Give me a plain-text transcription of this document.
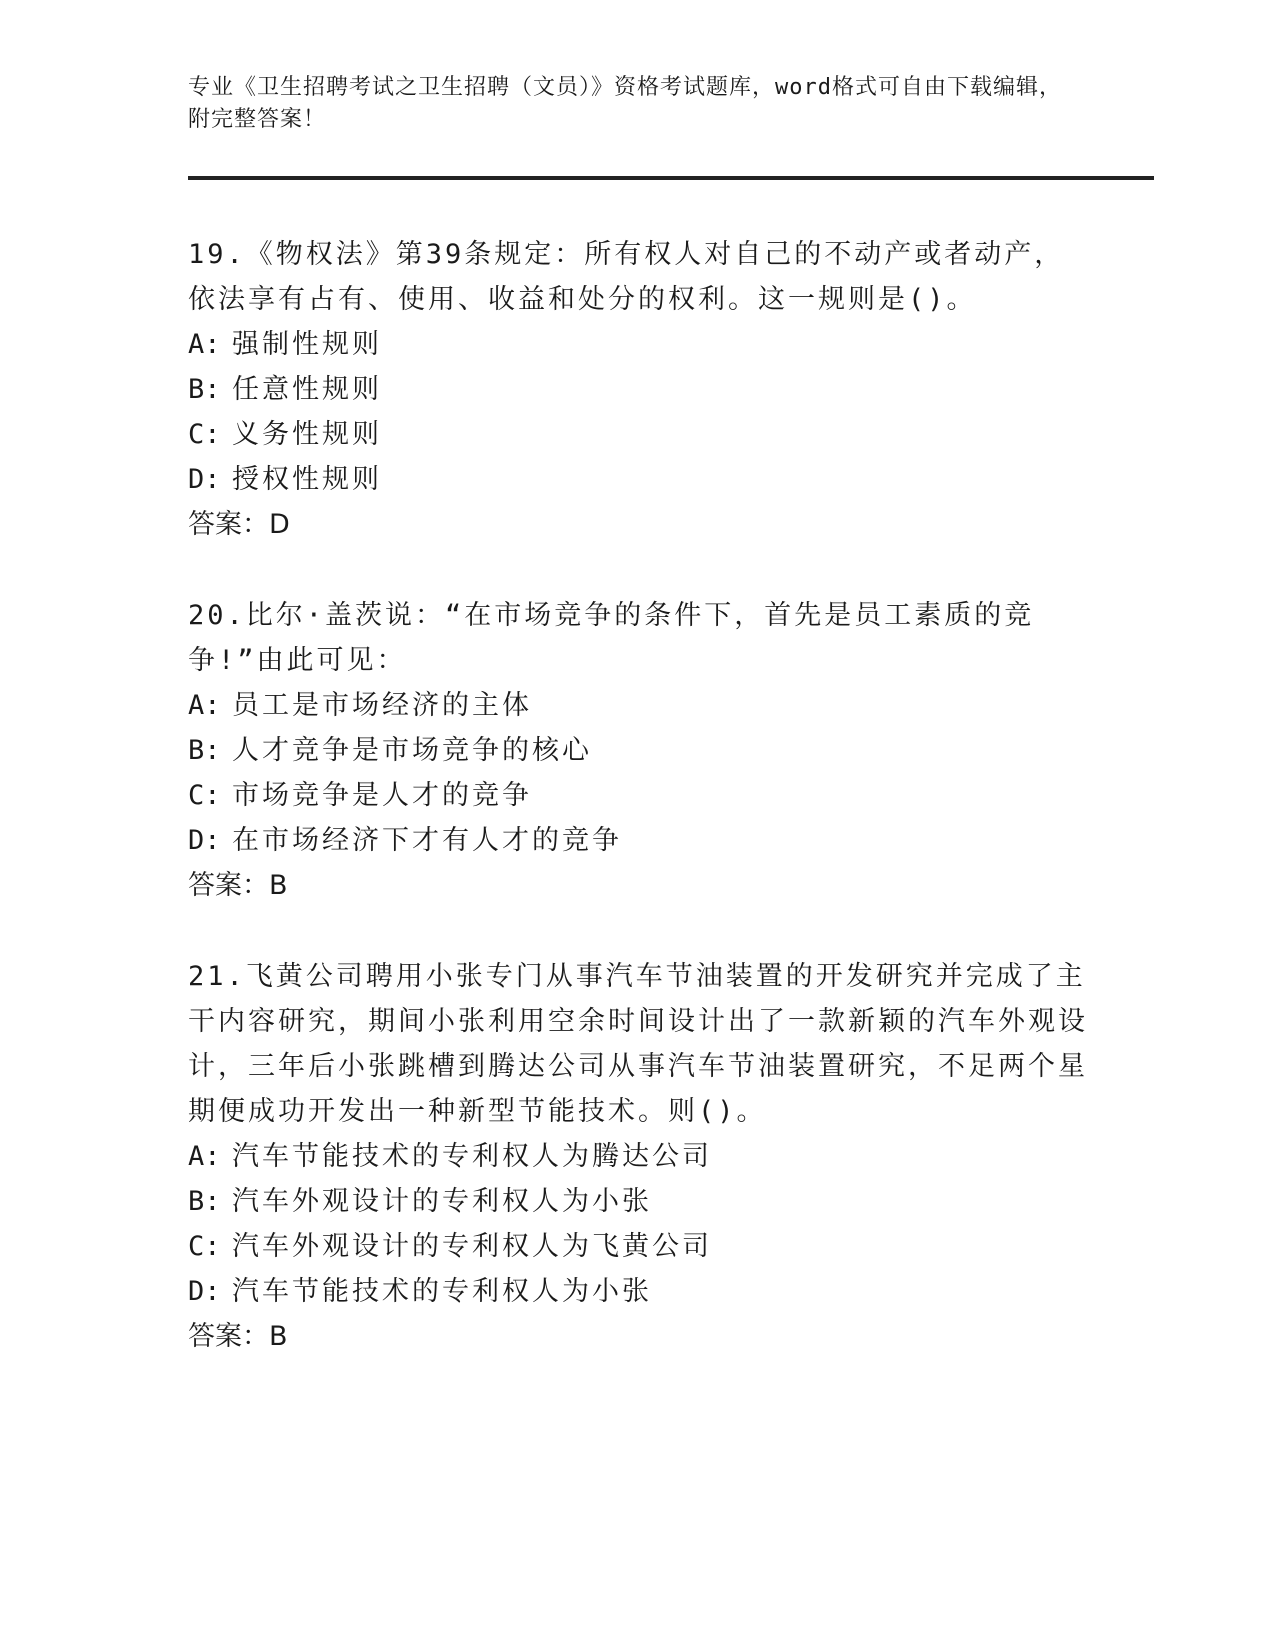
专业《卫生招聘考试之卫生招聘（文员）》资格考试题库，word格式可自由下载编辑，附完整答案！

19.《物权法》第39条规定：所有权人对自己的不动产或者动产，依法享有占有、使用、收益和处分的权利。这一规则是()。

A: 强制性规则

B: 任意性规则

C: 义务性规则

D: 授权性规则

答案：D

20.比尔·盖茨说：“在市场竞争的条件下，首先是员工素质的竞争!”由此可见：

A: 员工是市场经济的主体

B: 人才竞争是市场竞争的核心

C: 市场竞争是人才的竞争

D: 在市场经济下才有人才的竞争

答案：B

21.飞黄公司聘用小张专门从事汽车节油装置的开发研究并完成了主干内容研究，期间小张利用空余时间设计出了一款新颖的汽车外观设计，三年后小张跳槽到腾达公司从事汽车节油装置研究，不足两个星期便成功开发出一种新型节能技术。则()。

A: 汽车节能技术的专利权人为腾达公司

B: 汽车外观设计的专利权人为小张

C: 汽车外观设计的专利权人为飞黄公司

D: 汽车节能技术的专利权人为小张

答案：B
